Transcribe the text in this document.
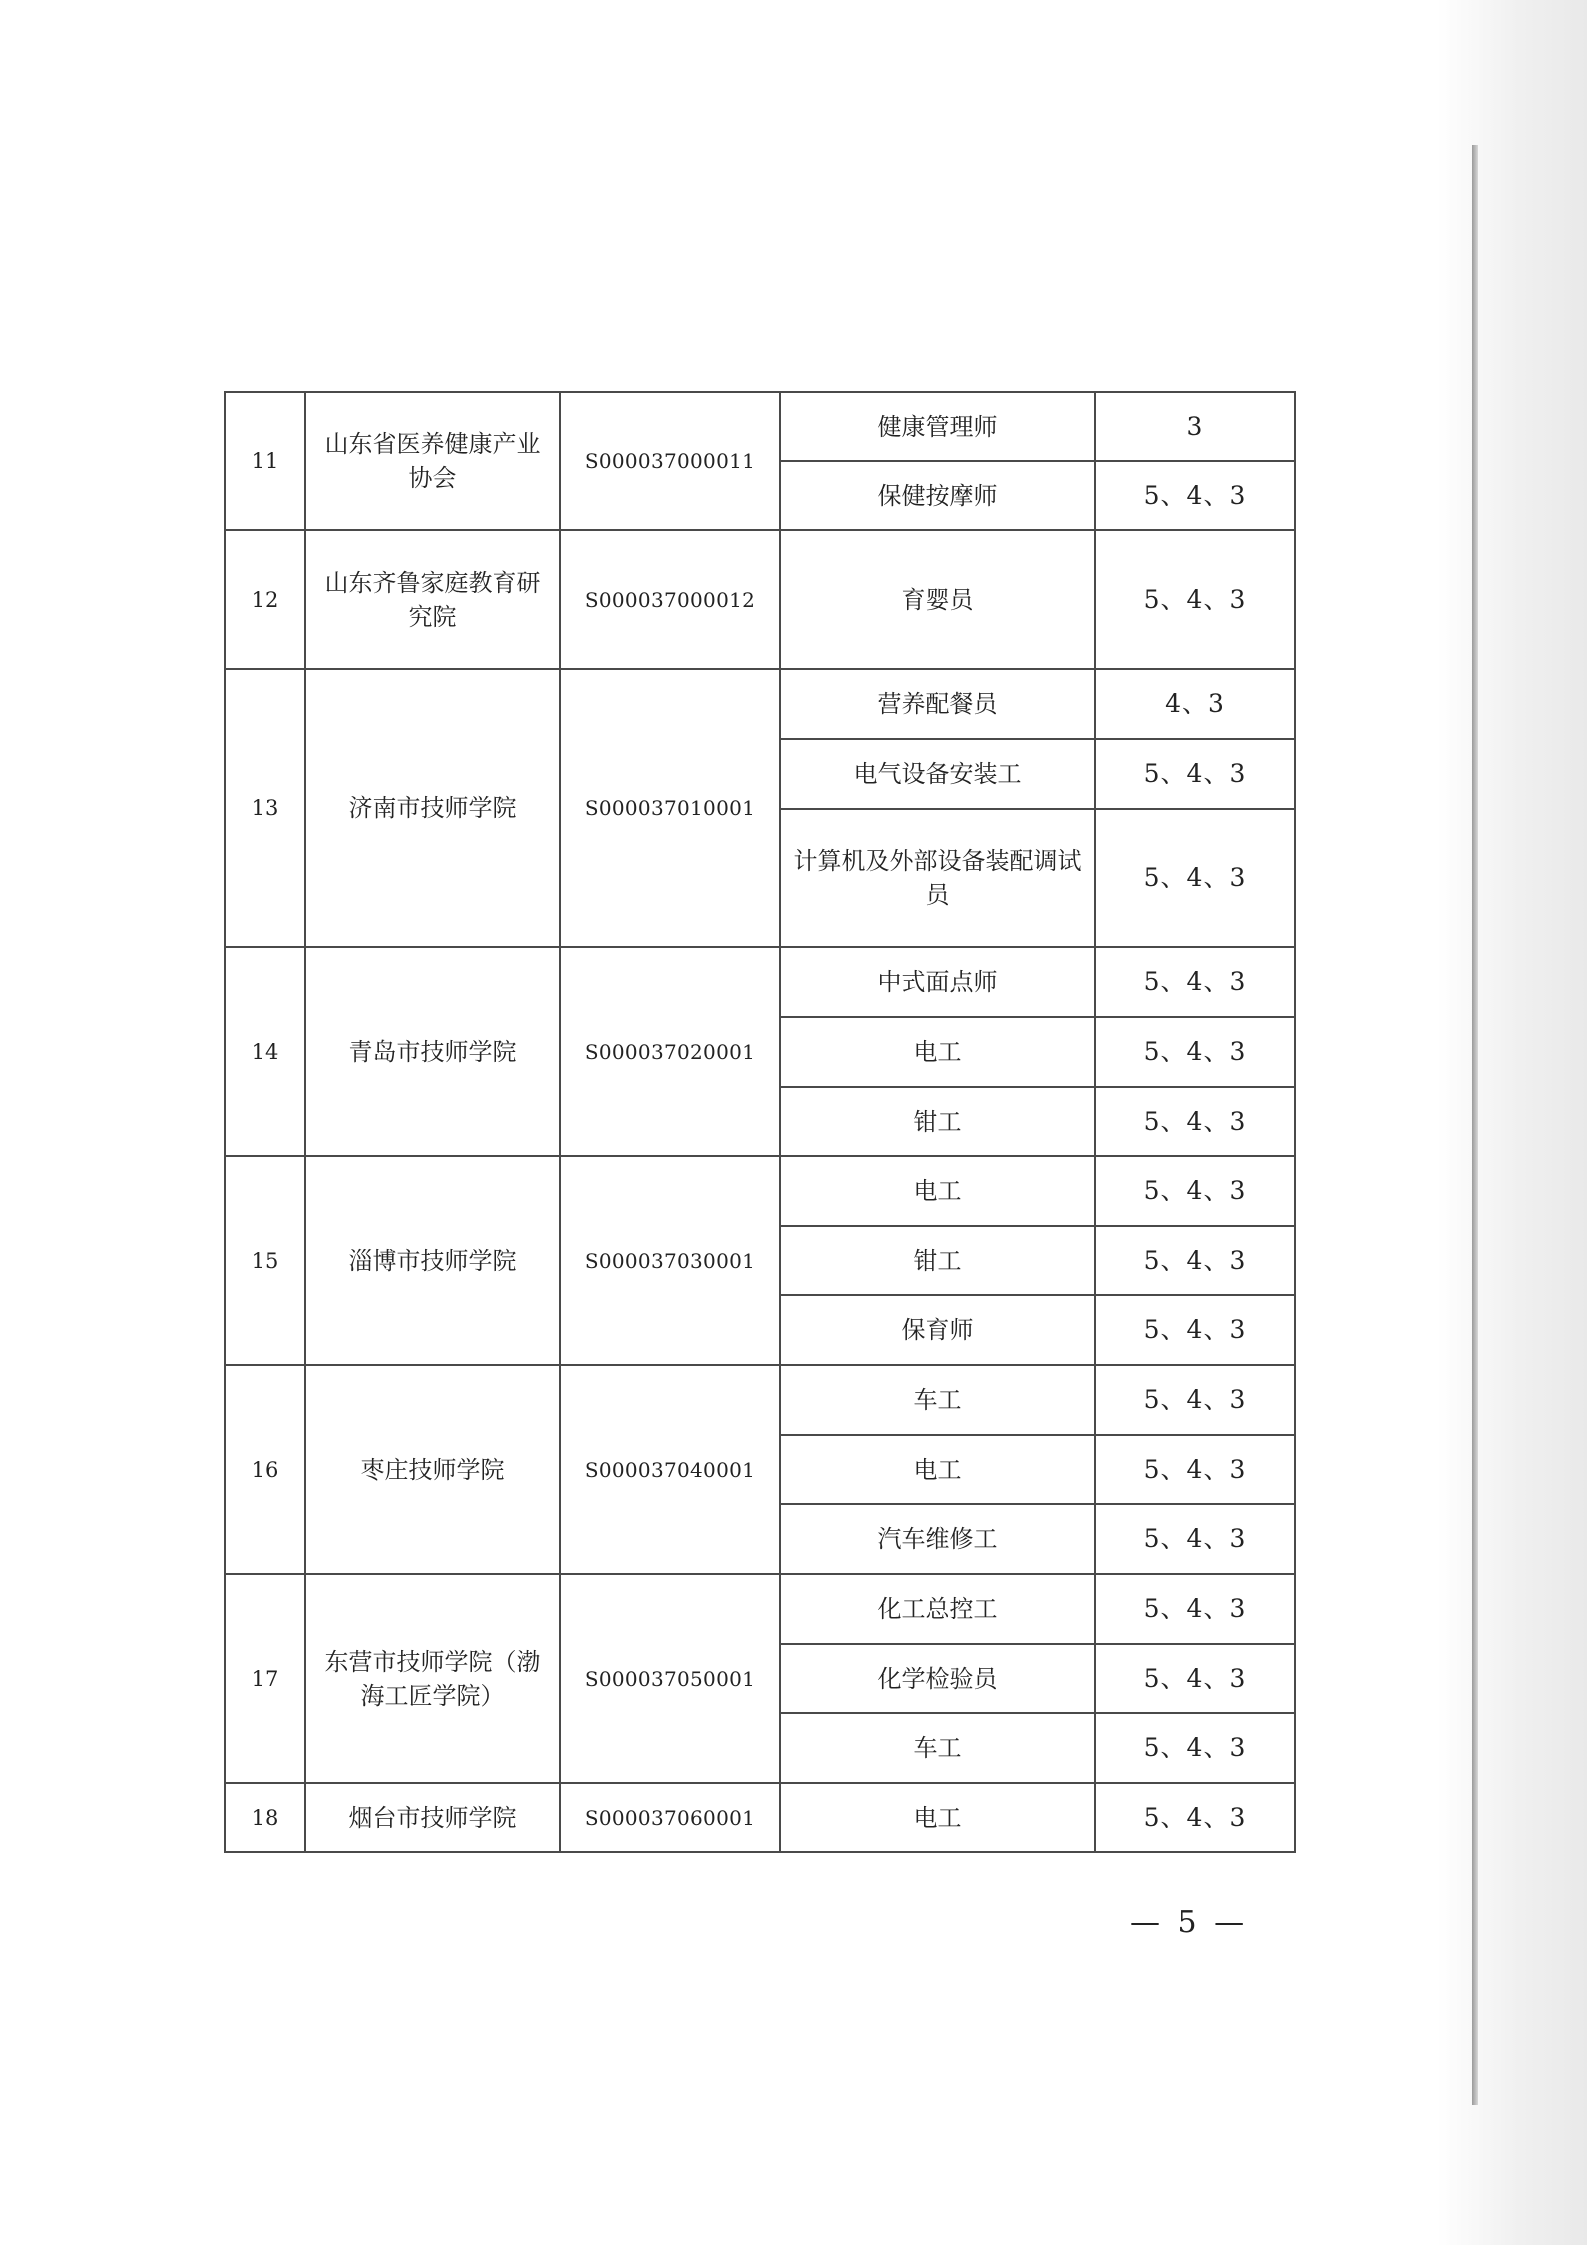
11	山东省医养健康产业协会	S000037000011	健康管理师	3
			保健按摩师	5、4、3
12	山东齐鲁家庭教育研究院	S000037000012	育婴员	5、4、3
13	济南市技师学院	S000037010001	营养配餐员	4、3
			电气设备安装工	5、4、3
			计算机及外部设备装配调试员	5、4、3
14	青岛市技师学院	S000037020001	中式面点师	5、4、3
			电工	5、4、3
			钳工	5、4、3
15	淄博市技师学院	S000037030001	电工	5、4、3
			钳工	5、4、3
			保育师	5、4、3
16	枣庄技师学院	S000037040001	车工	5、4、3
			电工	5、4、3
			汽车维修工	5、4、3
17	东营市技师学院（渤海工匠学院）	S000037050001	化工总控工	5、4、3
			化学检验员	5、4、3
			车工	5、4、3
18	烟台市技师学院	S000037060001	电工	5、4、3
— 5 —
